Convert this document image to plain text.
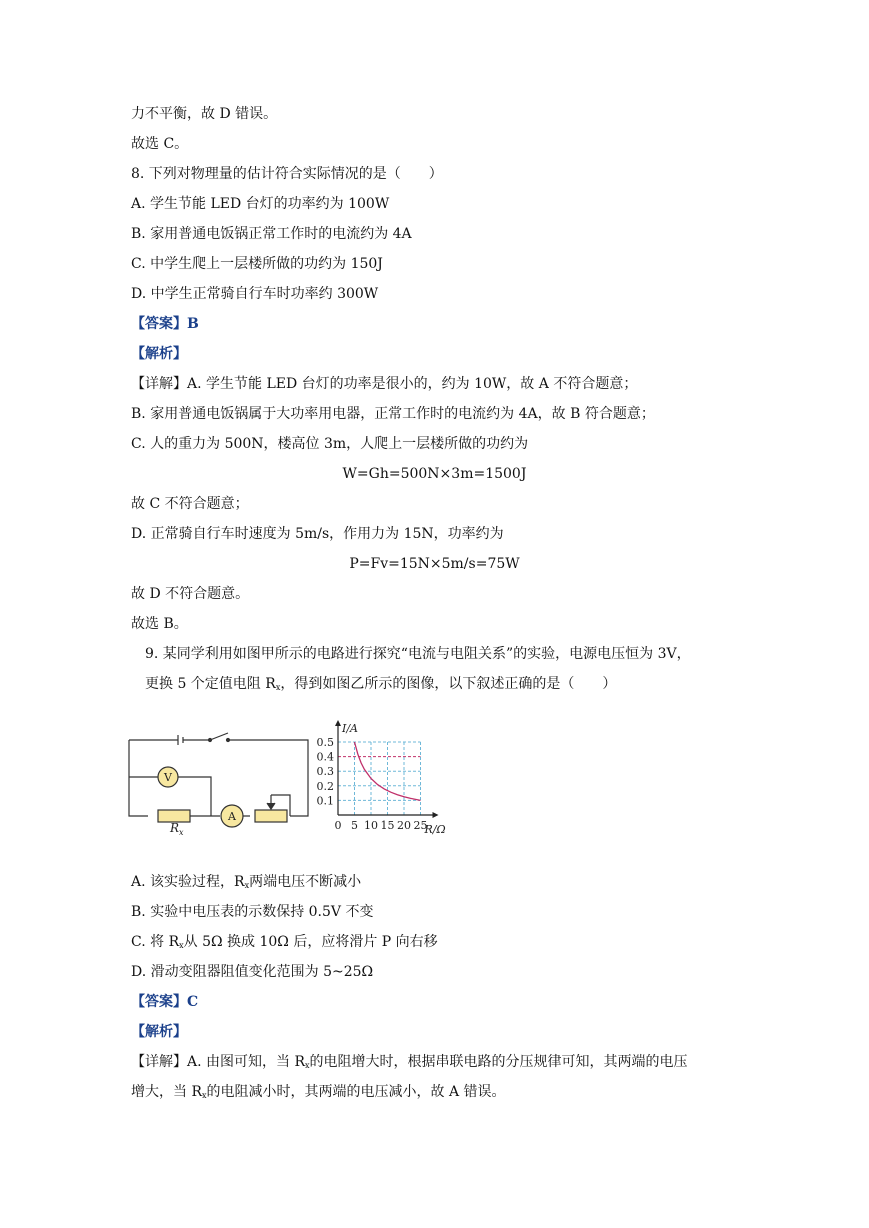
力不平衡，故 D 错误。
故选 C。
8. 下列对物理量的估计符合实际情况的是（　　）
A. 学生节能 LED 台灯的功率约为 100W
B. 家用普通电饭锅正常工作时的电流约为 4A
C. 中学生爬上一层楼所做的功约为 150J
D. 中学生正常骑自行车时功率约 300W
【答案】B
【解析】
【详解】A. 学生节能 LED 台灯的功率是很小的，约为 10W，故 A 不符合题意；
B. 家用普通电饭锅属于大功率用电器，正常工作时的电流约为 4A，故 B 符合题意；
C. 人的重力为 500N，楼高位 3m，人爬上一层楼所做的功约为
W=Gh=500N×3m=1500J
故 C 不符合题意；
D. 正常骑自行车时速度为 5m/s，作用力为 15N，功率约为
P=Fv=15N×5m/s=75W
故 D 不符合题意。
故选 B。
9. 某同学利用如图甲所示的电路进行探究“电流与电阻关系”的实验，电源电压恒为 3V，
更换 5 个定值电阻 $R_x$，得到如图乙所示的图像，以下叙述正确的是（　　）
V
A
$R_x$
0 5 10 15 20 25
0.1
0.2
0.3
0.4
0.5
I/A
R/Ω
A. 该实验过程，$R_x$两端电压不断减小
B. 实验中电压表的示数保持 0.5V 不变
C. 将 $R_x$从 5Ω 换成 10Ω 后，应将滑片 P 向右移
D. 滑动变阻器阻值变化范围为 5~25Ω
【答案】C
【解析】
【详解】A. 由图可知，当 $R_x$的电阻增大时，根据串联电路的分压规律可知，其两端的电压
增大，当 $R_x$的电阻减小时，其两端的电压减小，故 A 错误。
